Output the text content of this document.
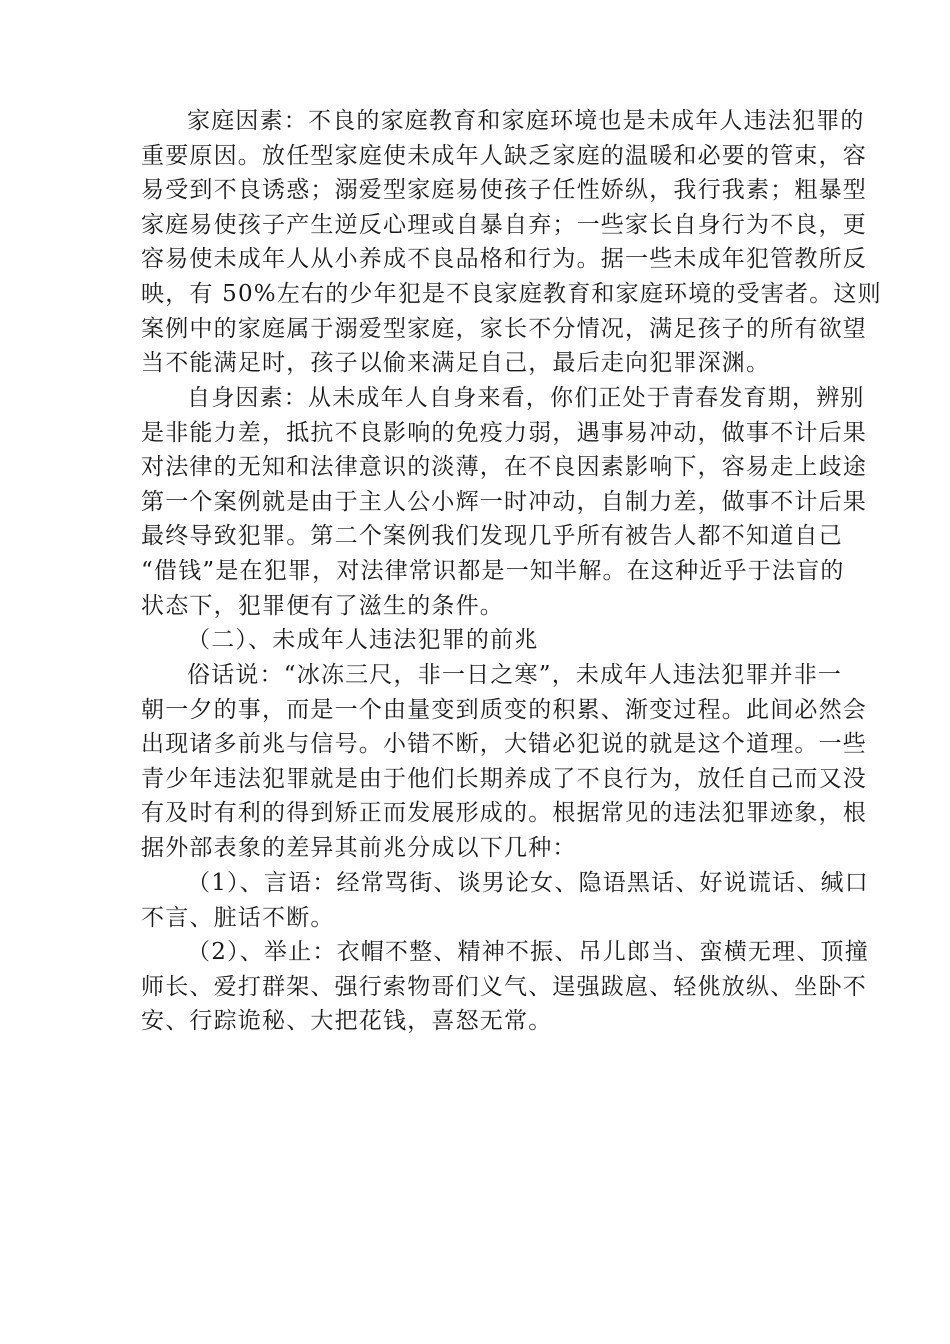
家庭因素：不良的家庭教育和家庭环境也是未成年人违法犯罪的
重要原因。放任型家庭使未成年人缺乏家庭的温暖和必要的管束，容
易受到不良诱惑；溺爱型家庭易使孩子任性娇纵，我行我素；粗暴型
家庭易使孩子产生逆反心理或自暴自弃；一些家长自身行为不良，更
容易使未成年人从小养成不良品格和行为。据一些未成年犯管教所反
映，有 50%左右的少年犯是不良家庭教育和家庭环境的受害者。这则
案例中的家庭属于溺爱型家庭，家长不分情况，满足孩子的所有欲望
当不能满足时，孩子以偷来满足自己，最后走向犯罪深渊。
自身因素：从未成年人自身来看，你们正处于青春发育期，辨别
是非能力差，抵抗不良影响的免疫力弱，遇事易冲动，做事不计后果
对法律的无知和法律意识的淡薄，在不良因素影响下，容易走上歧途
第一个案例就是由于主人公小辉一时冲动，自制力差，做事不计后果
最终导致犯罪。第二个案例我们发现几乎所有被告人都不知道自己
“借钱”是在犯罪，对法律常识都是一知半解。在这种近乎于法盲的
状态下，犯罪便有了滋生的条件。
（二）、未成年人违法犯罪的前兆
俗话说：“冰冻三尺，非一日之寒”，未成年人违法犯罪并非一
朝一夕的事，而是一个由量变到质变的积累、渐变过程。此间必然会
出现诸多前兆与信号。小错不断，大错必犯说的就是这个道理。一些
青少年违法犯罪就是由于他们长期养成了不良行为，放任自己而又没
有及时有利的得到矫正而发展形成的。根据常见的违法犯罪迹象，根
据外部表象的差异其前兆分成以下几种：
（1）、言语：经常骂街、谈男论女、隐语黑话、好说谎话、缄口
不言、脏话不断。
（2）、举止：衣帽不整、精神不振、吊儿郎当、蛮横无理、顶撞
师长、爱打群架、强行索物哥们义气、逞强跋扈、轻佻放纵、坐卧不
安、行踪诡秘、大把花钱，喜怒无常。
